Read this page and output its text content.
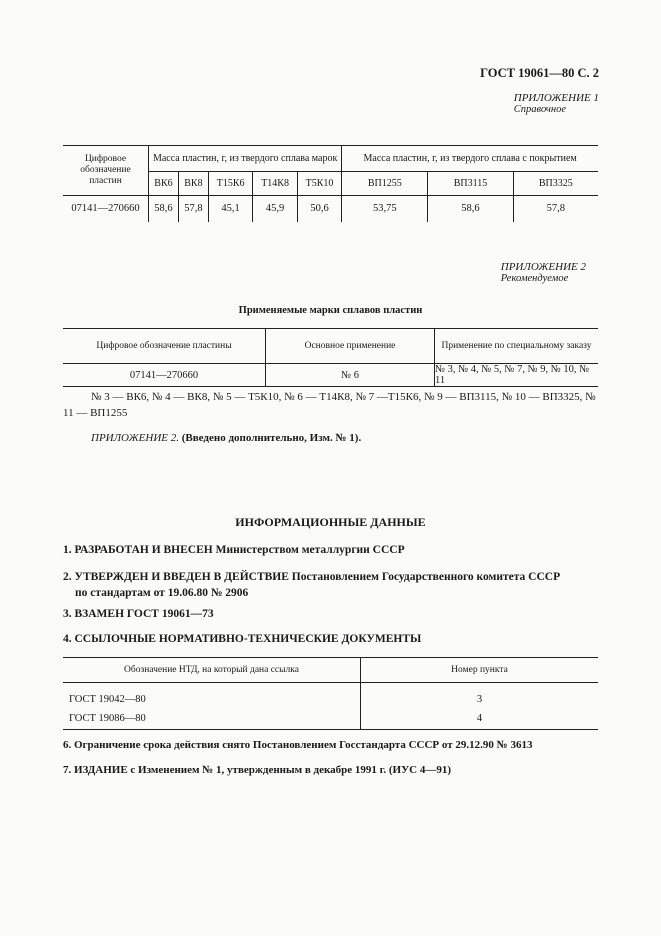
ГОСТ 19061—80 С. 2
ПРИЛОЖЕНИЕ 1
Справочное
Цифровое обозначение пластин	Масса пластин, г, из твердого сплава марок					Масса пластин, г, из твердого сплава с покрытием		
	ВК6	ВК8	Т15К6	Т14К8	Т5К10	ВП1255	ВП3115	ВП3325
07141—270660	58,6	57,8	45,1	45,9	50,6	53,75	58,6	57,8
ПРИЛОЖЕНИЕ 2
Рекомендуемое
Применяемые марки сплавов пластин
Цифровое обозначение пластины	Основное применение	Применение по специальному заказу
07141—270660	№ 6	№ 3, № 4, № 5, № 7, № 9, № 10, № 11
№ 3 — ВК6, № 4 — ВК8, № 5 — Т5К10, № 6 — Т14К8, № 7 —Т15К6, № 9 — ВП3115, № 10 — ВП3325, № 11 — ВП1255
ПРИЛОЖЕНИЕ 2. (Введено дополнительно, Изм. № 1).
ИНФОРМАЦИОННЫЕ ДАННЫЕ
1. РАЗРАБОТАН И ВНЕСЕН Министерством металлургии СССР
2. УТВЕРЖДЕН И ВВЕДЕН В ДЕЙСТВИЕ Постановлением Государственного комитета СССР
по стандартам от 19.06.80 № 2906
3. ВЗАМЕН ГОСТ 19061—73
4. ССЫЛОЧНЫЕ НОРМАТИВНО-ТЕХНИЧЕСКИЕ ДОКУМЕНТЫ
Обозначение НТД, на который дана ссылка	Номер пункта

ГОСТ 19042—80	3
ГОСТ 19086—80	4
6. Ограничение срока действия снято Постановлением Госстандарта СССР от 29.12.90 № 3613
7. ИЗДАНИЕ с Изменением № 1, утвержденным в декабре 1991 г. (ИУС 4—91)
